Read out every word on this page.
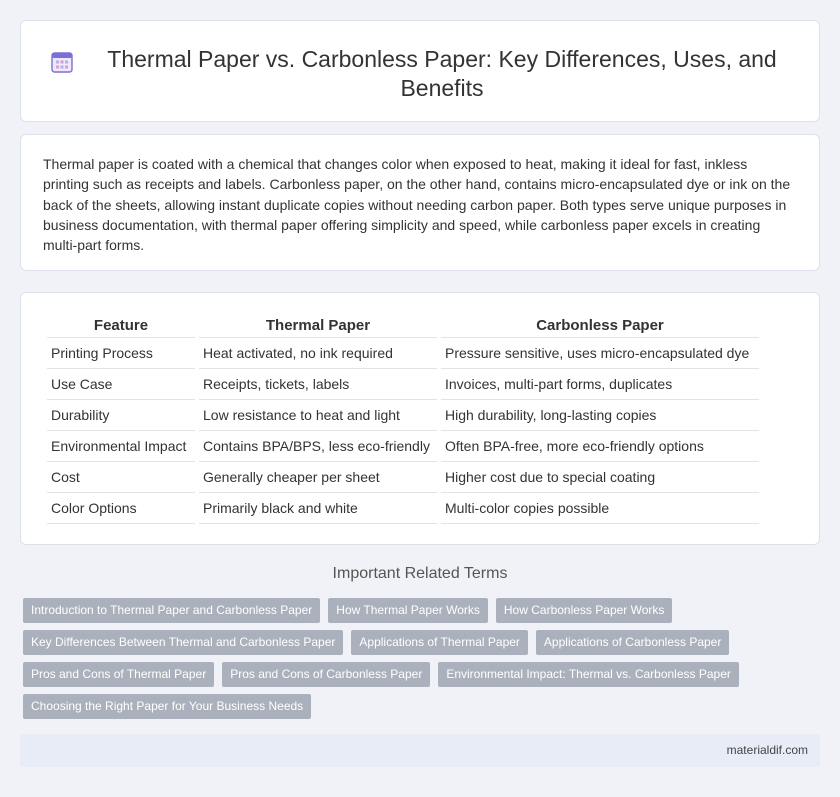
Thermal Paper vs. Carbonless Paper: Key Differences, Uses, and Benefits

Thermal paper is coated with a chemical that changes color when exposed to heat, making it ideal for fast, inkless printing such as receipts and labels. Carbonless paper, on the other hand, contains micro-encapsulated dye or ink on the back of the sheets, allowing instant duplicate copies without needing carbon paper. Both types serve unique purposes in business documentation, with thermal paper offering simplicity and speed, while carbonless paper excels in creating multi-part forms.

Feature	Thermal Paper	Carbonless Paper
Printing Process	Heat activated, no ink required	Pressure sensitive, uses micro-encapsulated dye
Use Case	Receipts, tickets, labels	Invoices, multi-part forms, duplicates
Durability	Low resistance to heat and light	High durability, long-lasting copies
Environmental Impact	Contains BPA/BPS, less eco-friendly	Often BPA-free, more eco-friendly options
Cost	Generally cheaper per sheet	Higher cost due to special coating
Color Options	Primarily black and white	Multi-color copies possible
Important Related Terms
Introduction to Thermal Paper and Carbonless Paper	How Thermal Paper Works	How Carbonless Paper Works
Key Differences Between Thermal and Carbonless Paper	Applications of Thermal Paper	Applications of Carbonless Paper
Pros and Cons of Thermal Paper	Pros and Cons of Carbonless Paper	Environmental Impact: Thermal vs. Carbonless Paper
Choosing the Right Paper for Your Business Needs
materialdif.com
